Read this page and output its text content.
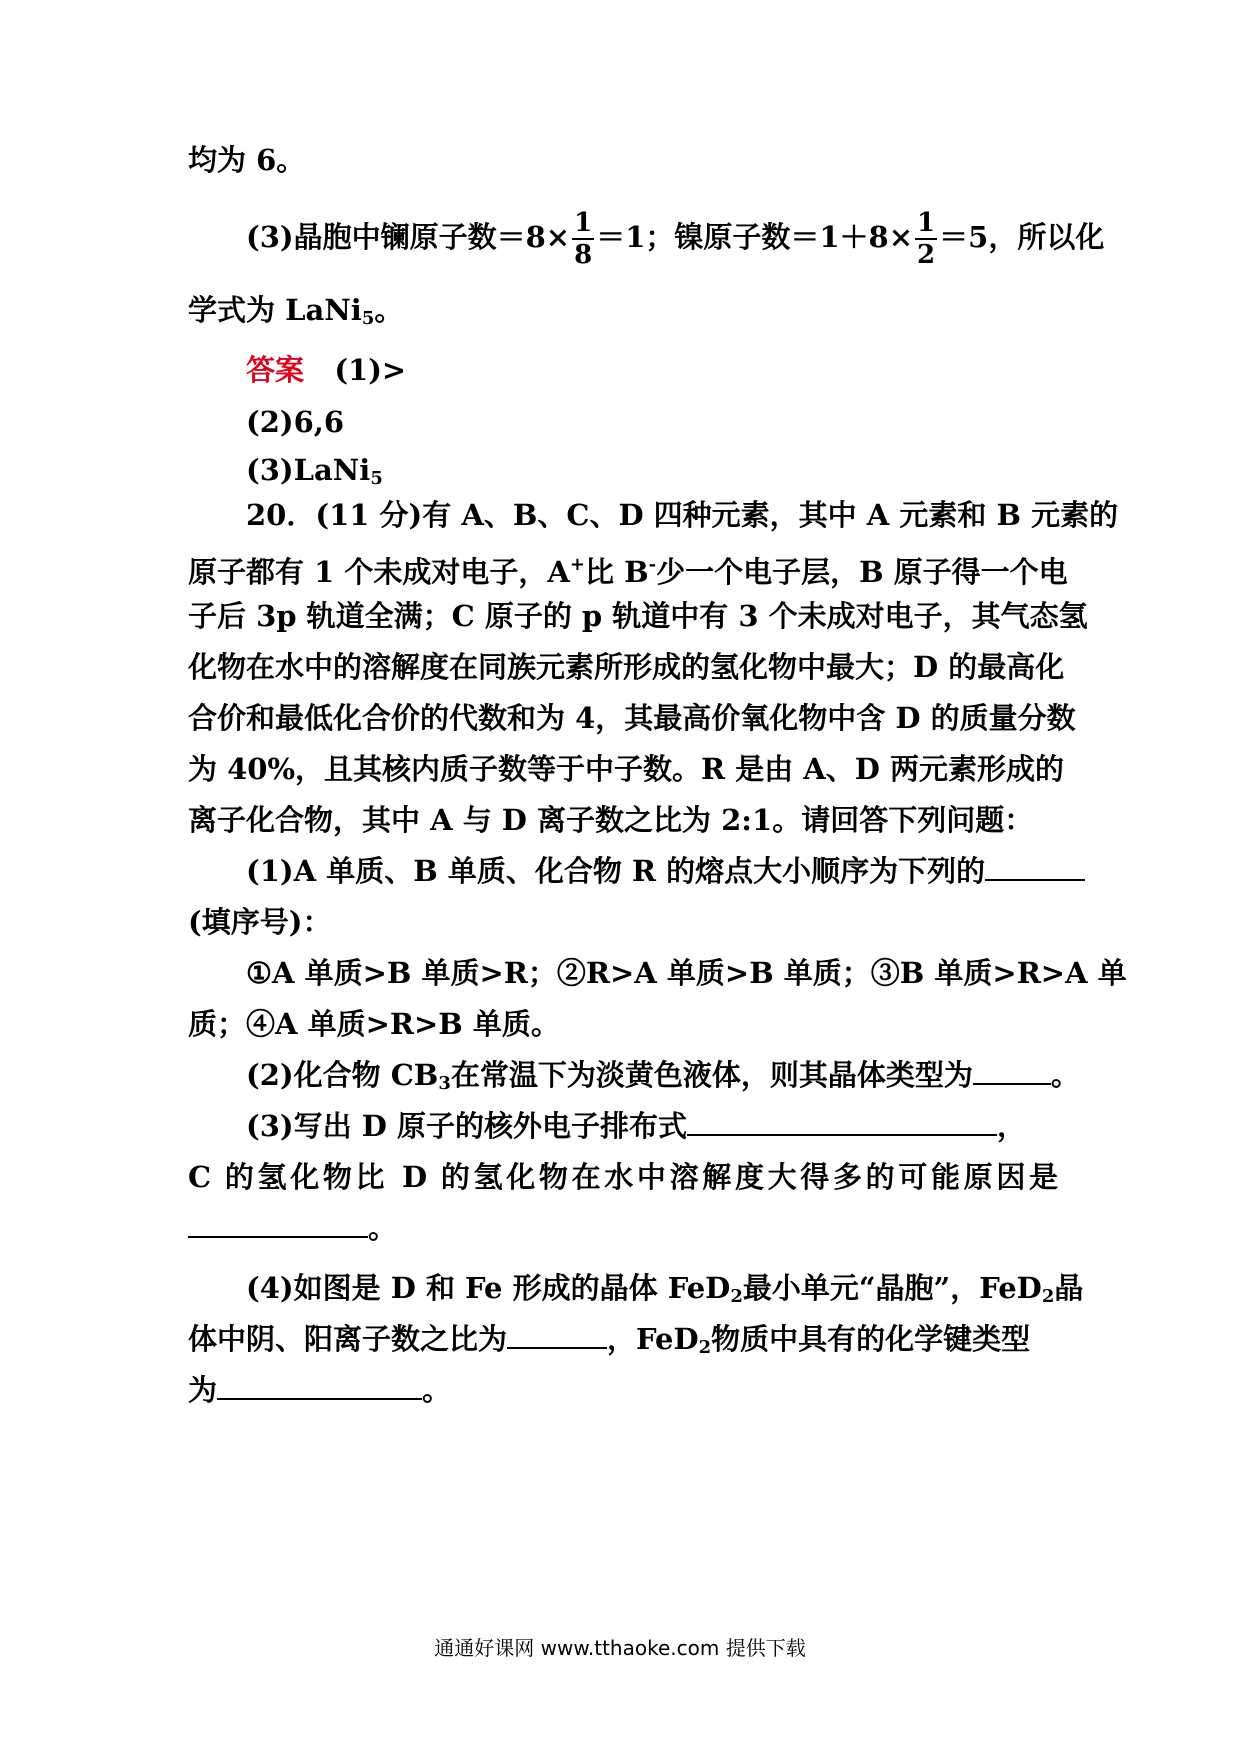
均为 6。
(3)晶胞中镧原子数$=8\times \frac{1}{8} =1$；镍原子数$=1+8\times \frac{1}{2} =5$，所以化
学式为 LaNi$_5$。
答案 (1)>
(2)6,6
(3)LaNi$_5$
20．(11 分)有 A、B、C、D 四种元素，其中 A 元素和 B 元素的
原子都有 1 个未成对电子，A+比 B-少一个电子层，B 原子得一个电
子后 3p 轨道全满；C 原子的 p 轨道中有 3 个未成对电子，其气态氢
化物在水中的溶解度在同族元素所形成的氢化物中最大；D 的最高化
合价和最低化合价的代数和为 4，其最高价氧化物中含 D 的质量分数
为 40%，且其核内质子数等于中子数。R 是由 A、D 两元素形成的
离子化合物，其中 A 与 D 离子数之比为 2:1。请回答下列问题：
(1)A 单质、B 单质、化合物 R 的熔点大小顺序为下列的
(填序号)：
①A 单质>B 单质>R；②R>A 单质>B 单质；③B 单质>R>A 单
质；④A 单质>R>B 单质。
(2)化合物 $CB_3$在常温下为淡黄色液体，则其晶体类型为	。
(3)写出 D 原子的核外电子排布式	，
C 的氢化物比 D 的氢化物在水中溶解度大得多的可能原因是
。
(4)如图是 D 和 Fe 形成的晶体 FeD$_2$最小单元“晶胞”，FeD$_2$晶
体中阴、阳离子数之比为	，FeD$_2$物质中具有的化学键类型
为	。
通通好课网 www.tthaoke.com 提供下载
